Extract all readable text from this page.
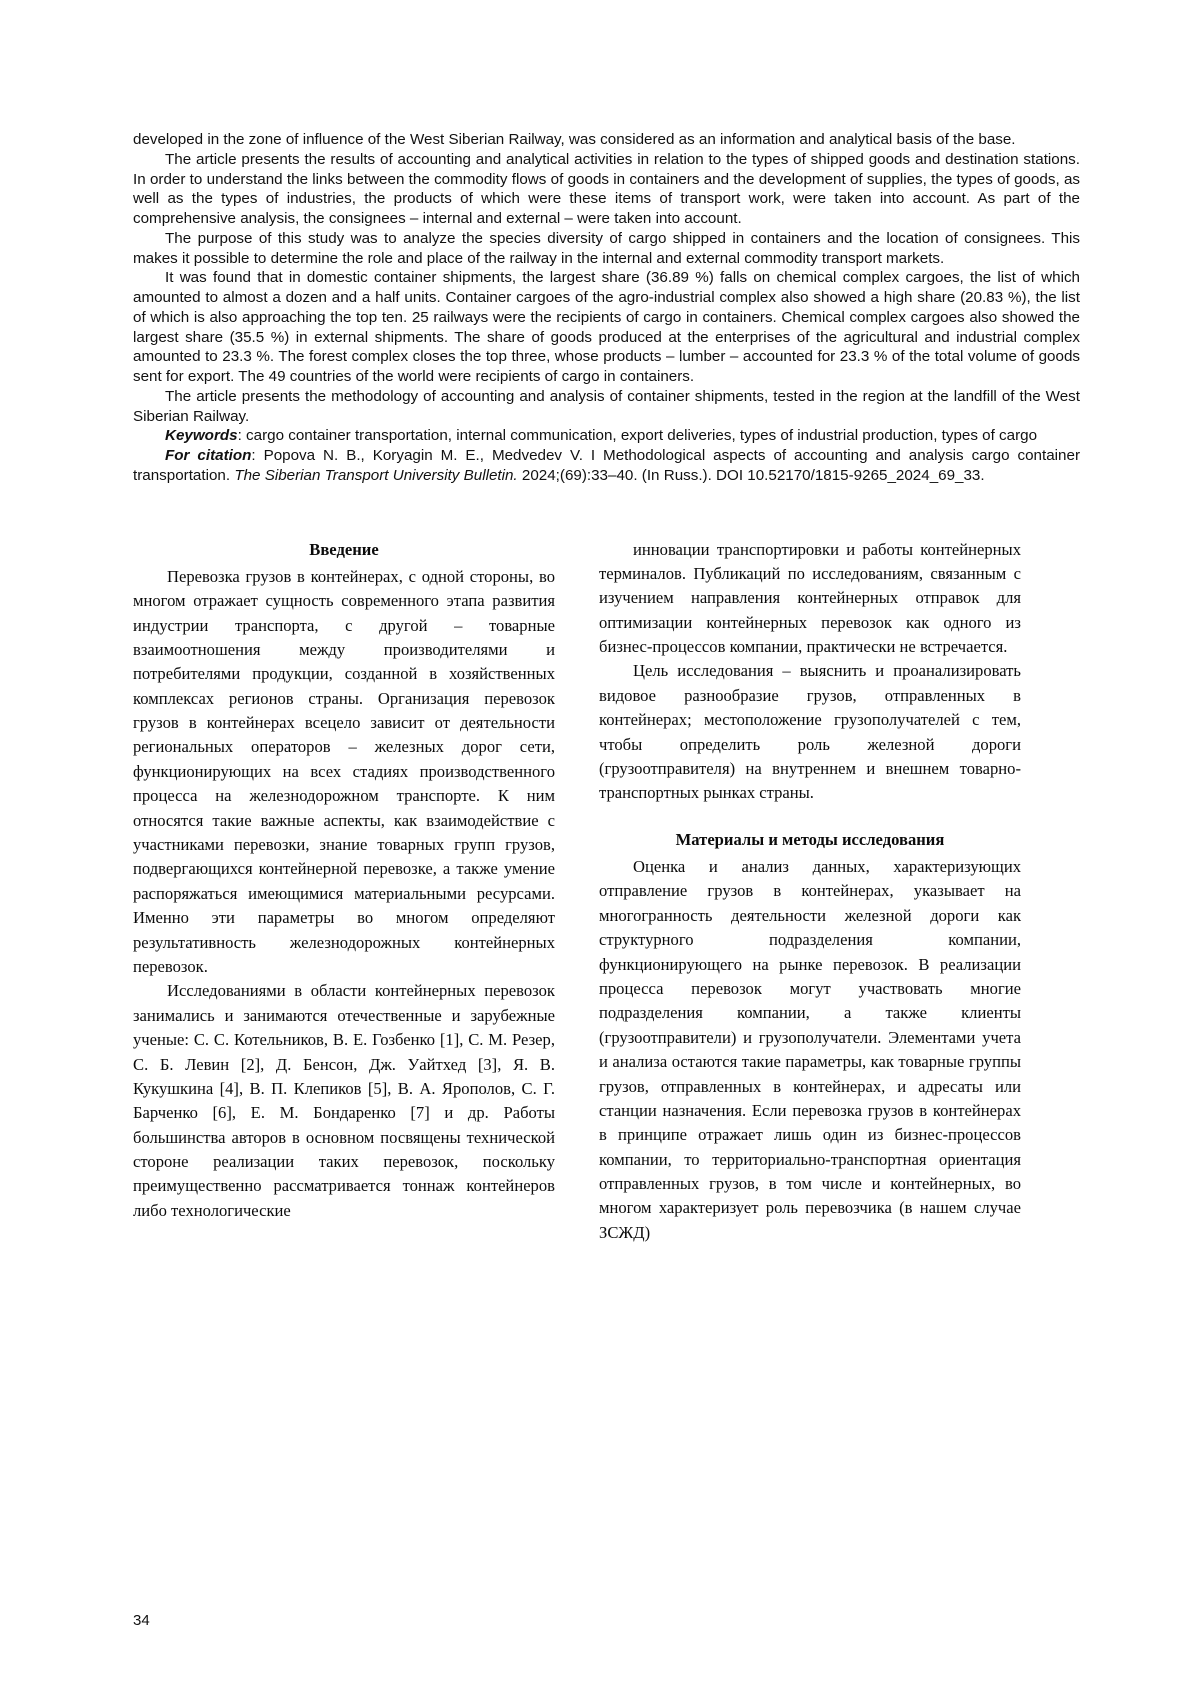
developed in the zone of influence of the West Siberian Railway, was considered as an information and analytical basis of the base.

The article presents the results of accounting and analytical activities in relation to the types of shipped goods and destination stations. In order to understand the links between the commodity flows of goods in containers and the development of supplies, the types of goods, as well as the types of industries, the products of which were these items of transport work, were taken into account. As part of the comprehensive analysis, the consignees – internal and external – were taken into account.

The purpose of this study was to analyze the species diversity of cargo shipped in containers and the location of consignees. This makes it possible to determine the role and place of the railway in the internal and external commodity transport markets.

It was found that in domestic container shipments, the largest share (36.89 %) falls on chemical complex cargoes, the list of which amounted to almost a dozen and a half units. Container cargoes of the agro-industrial complex also showed a high share (20.83 %), the list of which is also approaching the top ten. 25 railways were the recipients of cargo in containers. Chemical complex cargoes also showed the largest share (35.5 %) in external shipments. The share of goods produced at the enterprises of the agricultural and industrial complex amounted to 23.3 %. The forest complex closes the top three, whose products – lumber – accounted for 23.3 % of the total volume of goods sent for export. The 49 countries of the world were recipients of cargo in containers.

The article presents the methodology of accounting and analysis of container shipments, tested in the region at the landfill of the West Siberian Railway.

Keywords: cargo container transportation, internal communication, export deliveries, types of industrial production, types of cargo

For citation: Popova N. B., Koryagin M. E., Medvedev V. I Methodological aspects of accounting and analysis cargo container transportation. The Siberian Transport University Bulletin. 2024;(69):33–40. (In Russ.). DOI 10.52170/1815-9265_2024_69_33.

Введение

Перевозка грузов в контейнерах, с одной стороны, во многом отражает сущность современного этапа развития индустрии транспорта, с другой – товарные взаимоотношения между производителями и потребителями продукции, созданной в хозяйственных комплексах регионов страны. Организация перевозок грузов в контейнерах всецело зависит от деятельности региональных операторов – железных дорог сети, функционирующих на всех стадиях производственного процесса на железнодорожном транспорте. К ним относятся такие важные аспекты, как взаимодействие с участниками перевозки, знание товарных групп грузов, подвергающихся контейнерной перевозке, а также умение распоряжаться имеющимися материальными ресурсами. Именно эти параметры во многом определяют результативность железнодорожных контейнерных перевозок.

Исследованиями в области контейнерных перевозок занимались и занимаются отечественные и зарубежные ученые: С. С. Котельников, В. Е. Гозбенко [1], С. М. Резер, С. Б. Левин [2], Д. Бенсон, Дж. Уайтхед [3], Я. В. Кукушкина [4], В. П. Клепиков [5], В. А. Ярополов, С. Г. Барченко [6], Е. М. Бондаренко [7] и др. Работы большинства авторов в основном посвящены технической стороне реализации таких перевозок, поскольку преимущественно рассматривается тоннаж контейнеров либо технологические

инновации транспортировки и работы контейнерных терминалов. Публикаций по исследованиям, связанным с изучением направления контейнерных отправок для оптимизации контейнерных перевозок как одного из бизнес-процессов компании, практически не встречается.

Цель исследования – выяснить и проанализировать видовое разнообразие грузов, отправленных в контейнерах; местоположение грузополучателей с тем, чтобы определить роль железной дороги (грузоотправителя) на внутреннем и внешнем товарно-транспортных рынках страны.

Материалы и методы исследования

Оценка и анализ данных, характеризующих отправление грузов в контейнерах, указывает на многогранность деятельности железной дороги как структурного подразделения компании, функционирующего на рынке перевозок. В реализации процесса перевозок могут участвовать многие подразделения компании, а также клиенты (грузоотправители) и грузополучатели. Элементами учета и анализа остаются такие параметры, как товарные группы грузов, отправленных в контейнерах, и адресаты или станции назначения. Если перевозка грузов в контейнерах в принципе отражает лишь один из бизнес-процессов компании, то территориально-транспортная ориентация отправленных грузов, в том числе и контейнерных, во многом характеризует роль перевозчика (в нашем случае ЗСЖД)

34
